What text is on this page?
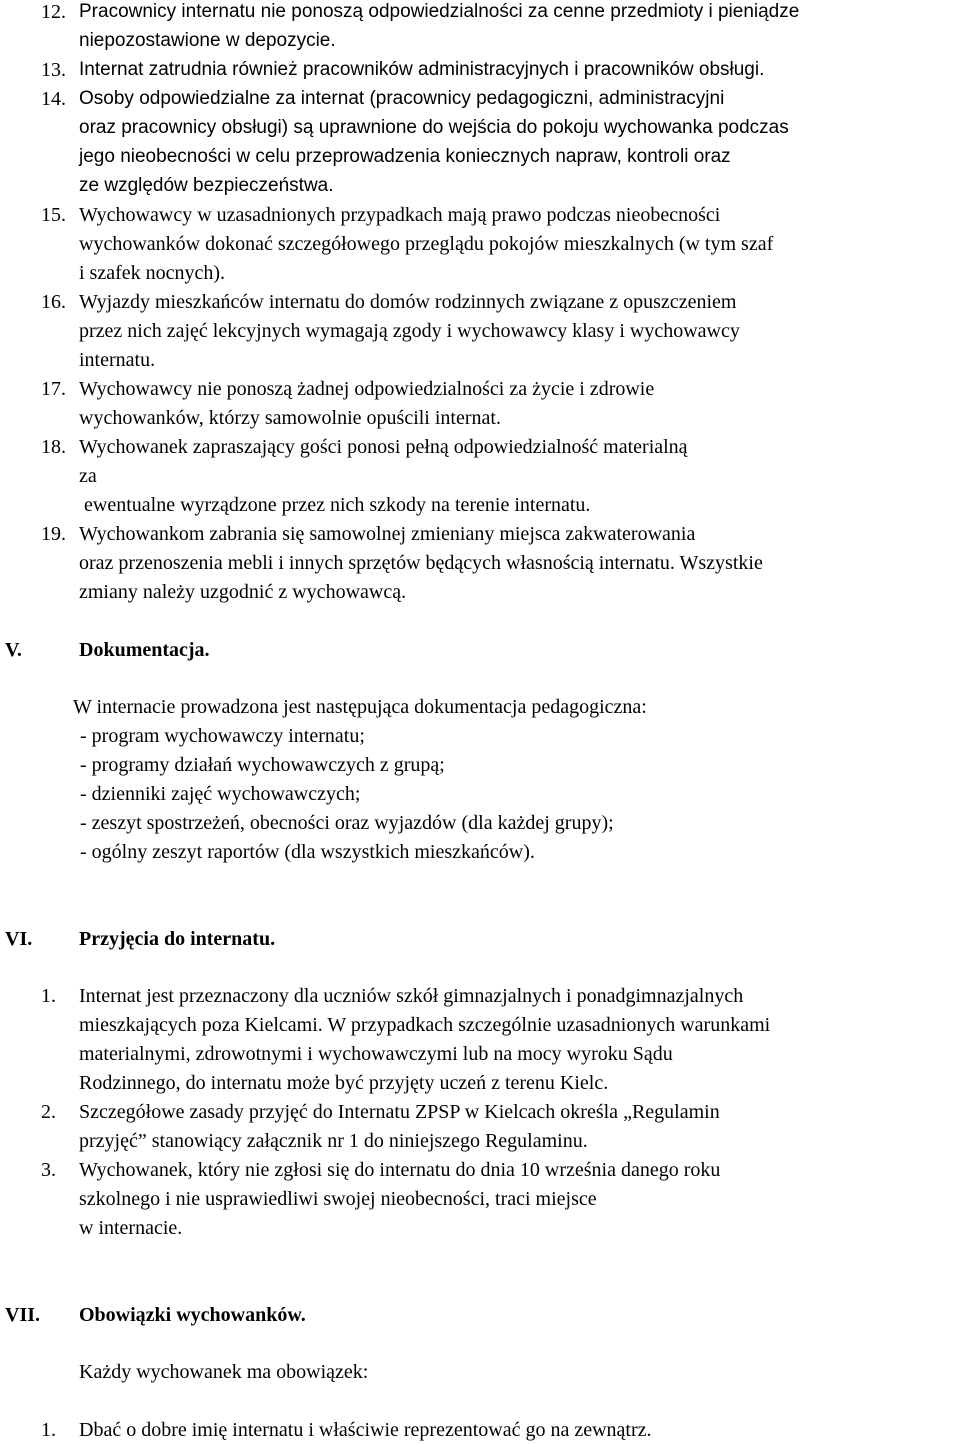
12. Pracownicy internatu nie ponoszą odpowiedzialności za cenne przedmioty i pieniądze
niepozostawione w depozycie.
13. Internat zatrudnia również pracowników administracyjnych i pracowników obsługi.
14. Osoby odpowiedzialne za internat (pracownicy pedagogiczni, administracyjni
oraz pracownicy obsługi) są uprawnione do wejścia do pokoju wychowanka podczas
jego nieobecności w celu przeprowadzenia koniecznych napraw, kontroli oraz
ze względów bezpieczeństwa.
15. Wychowawcy w uzasadnionych przypadkach mają prawo podczas nieobecności
wychowanków dokonać szczegółowego przeglądu pokojów mieszkalnych (w tym szaf
i szafek nocnych).
16. Wyjazdy mieszkańców internatu do domów rodzinnych związane z opuszczeniem
przez nich zajęć lekcyjnych wymagają zgody i wychowawcy klasy i wychowawcy
internatu.
17. Wychowawcy nie ponoszą żadnej odpowiedzialności za życie i zdrowie
wychowanków, którzy samowolnie opuścili internat.
18. Wychowanek zapraszający gości ponosi pełną odpowiedzialność materialną
za
ewentualne wyrządzone przez nich szkody na terenie internatu.
19. Wychowankom zabrania się samowolnej zmieniany miejsca zakwaterowania
oraz przenoszenia mebli i innych sprzętów będących własnością internatu. Wszystkie
zmiany należy uzgodnić z wychowawcą.
V.	Dokumentacja.
W internacie prowadzona jest następująca dokumentacja pedagogiczna:
- program wychowawczy internatu;
- programy działań wychowawczych z grupą;
- dzienniki zajęć wychowawczych;
- zeszyt spostrzeżeń, obecności oraz wyjazdów (dla każdej grupy);
- ogólny zeszyt raportów (dla wszystkich mieszkańców).
VI. Przyjęcia do internatu.
1. Internat jest przeznaczony dla uczniów szkół gimnazjalnych i ponadgimnazjalnych
mieszkających poza Kielcami. W przypadkach szczególnie uzasadnionych warunkami
materialnymi, zdrowotnymi i wychowawczymi lub na mocy wyroku Sądu
Rodzinnego, do internatu może być przyjęty uczeń z terenu Kielc.
2. Szczegółowe zasady przyjęć do Internatu ZPSP w Kielcach określa „Regulamin
przyjęć” stanowiący załącznik nr 1 do niniejszego Regulaminu.
3. Wychowanek, który nie zgłosi się do internatu do dnia 10 września danego roku
szkolnego i nie usprawiedliwi swojej nieobecności, traci miejsce
w internacie.
VII. Obowiązki wychowanków.
Każdy wychowanek ma obowiązek:
1. Dbać o dobre imię internatu i właściwie reprezentować go na zewnątrz.
